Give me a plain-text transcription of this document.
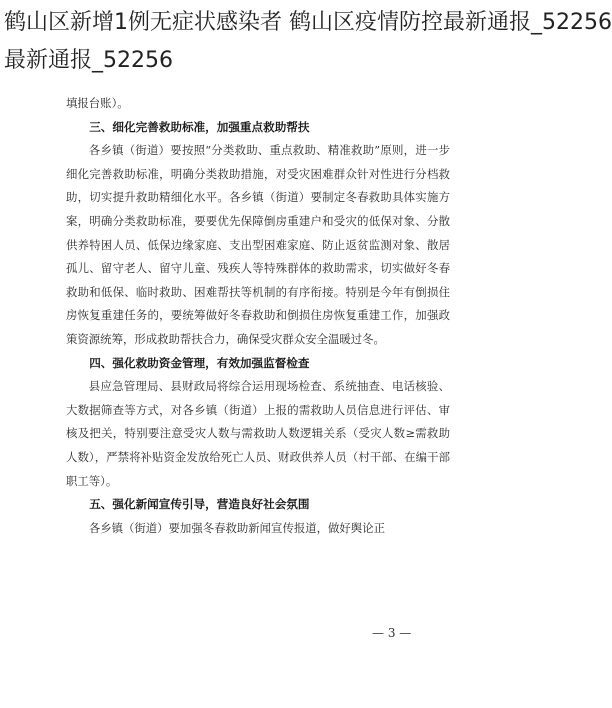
鹤山区新增1例无症状感染者 鹤山区疫情防控最新通报_52256
最新通报_52256

填报台账）。

三、细化完善救助标准，加强重点救助帮扶

各乡镇（街道）要按照“分类救助、重点救助、精准救助”原则，进一步细化完善救助标准，明确分类救助措施，对受灾困难群众针对性进行分档救助，切实提升救助精细化水平。各乡镇（街道）要制定冬春救助具体实施方案，明确分类救助标准，要要优先保障倒房重建户和受灾的低保对象、分散供养特困人员、低保边缘家庭、支出型困难家庭、防止返贫监测对象、散居孤儿、留守老人、留守儿童、残疾人等特殊群体的救助需求，切实做好冬春救助和低保、临时救助、困难帮扶等机制的有序衔接。特别是今年有倒损住房恢复重建任务的，要统筹做好冬春救助和倒损住房恢复重建工作，加强政策资源统筹，形成救助帮扶合力，确保受灾群众安全温暖过冬。

四、强化救助资金管理，有效加强监督检查

县应急管理局、县财政局将综合运用现场检查、系统抽查、电话核验、大数据筛查等方式，对各乡镇（街道）上报的需救助人员信息进行评估、审核及把关，特别要注意受灾人数与需救助人数逻辑关系（受灾人数≥需救助人数），严禁将补贴资金发放给死亡人员、财政供养人员（村干部、在编干部职工等）。

五、强化新闻宣传引导，营造良好社会氛围

各乡镇（街道）要加强冬春救助新闻宣传报道，做好舆论正

— 3 —
